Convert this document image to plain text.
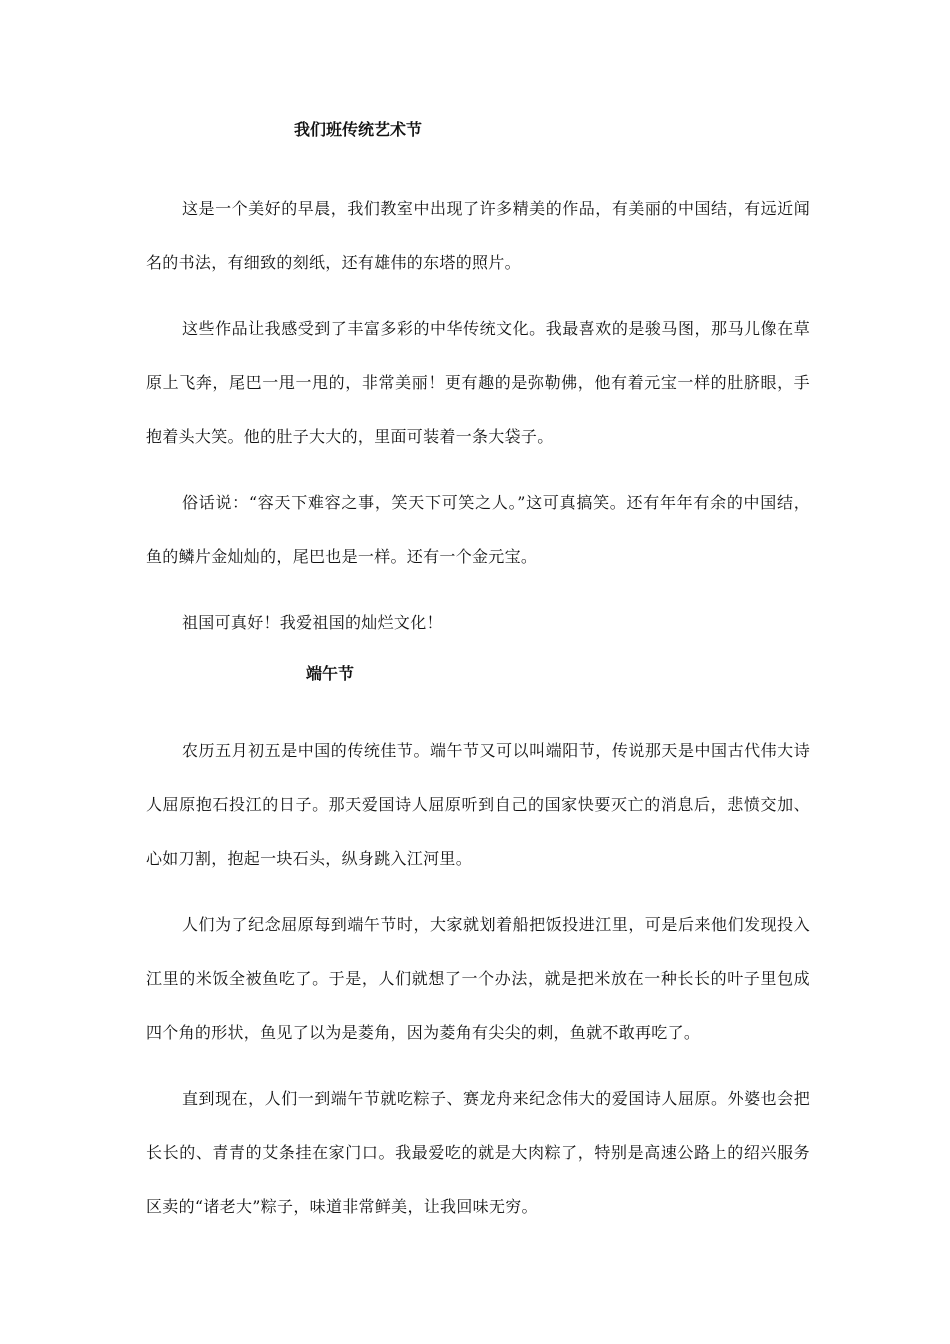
我们班传统艺术节

这是一个美好的早晨，我们教室中出现了许多精美的作品，有美丽的中国结，有远近闻名的书法，有细致的刻纸，还有雄伟的东塔的照片。

这些作品让我感受到了丰富多彩的中华传统文化。我最喜欢的是骏马图，那马儿像在草原上飞奔，尾巴一甩一甩的，非常美丽！更有趣的是弥勒佛，他有着元宝一样的肚脐眼，手抱着头大笑。他的肚子大大的，里面可装着一条大袋子。

俗话说：“容天下难容之事，笑天下可笑之人。”这可真搞笑。还有年年有余的中国结，鱼的鳞片金灿灿的，尾巴也是一样。还有一个金元宝。

祖国可真好！我爱祖国的灿烂文化！

端午节

农历五月初五是中国的传统佳节。端午节又可以叫端阳节，传说那天是中国古代伟大诗人屈原抱石投江的日子。那天爱国诗人屈原听到自己的国家快要灭亡的消息后，悲愤交加、心如刀割，抱起一块石头，纵身跳入江河里。

人们为了纪念屈原每到端午节时，大家就划着船把饭投进江里，可是后来他们发现投入江里的米饭全被鱼吃了。于是，人们就想了一个办法，就是把米放在一种长长的叶子里包成四个角的形状，鱼见了以为是菱角，因为菱角有尖尖的刺，鱼就不敢再吃了。

直到现在，人们一到端午节就吃粽子、赛龙舟来纪念伟大的爱国诗人屈原。外婆也会把长长的、青青的艾条挂在家门口。我最爱吃的就是大肉粽了，特别是高速公路上的绍兴服务区卖的“诸老大”粽子，味道非常鲜美，让我回味无穷。
